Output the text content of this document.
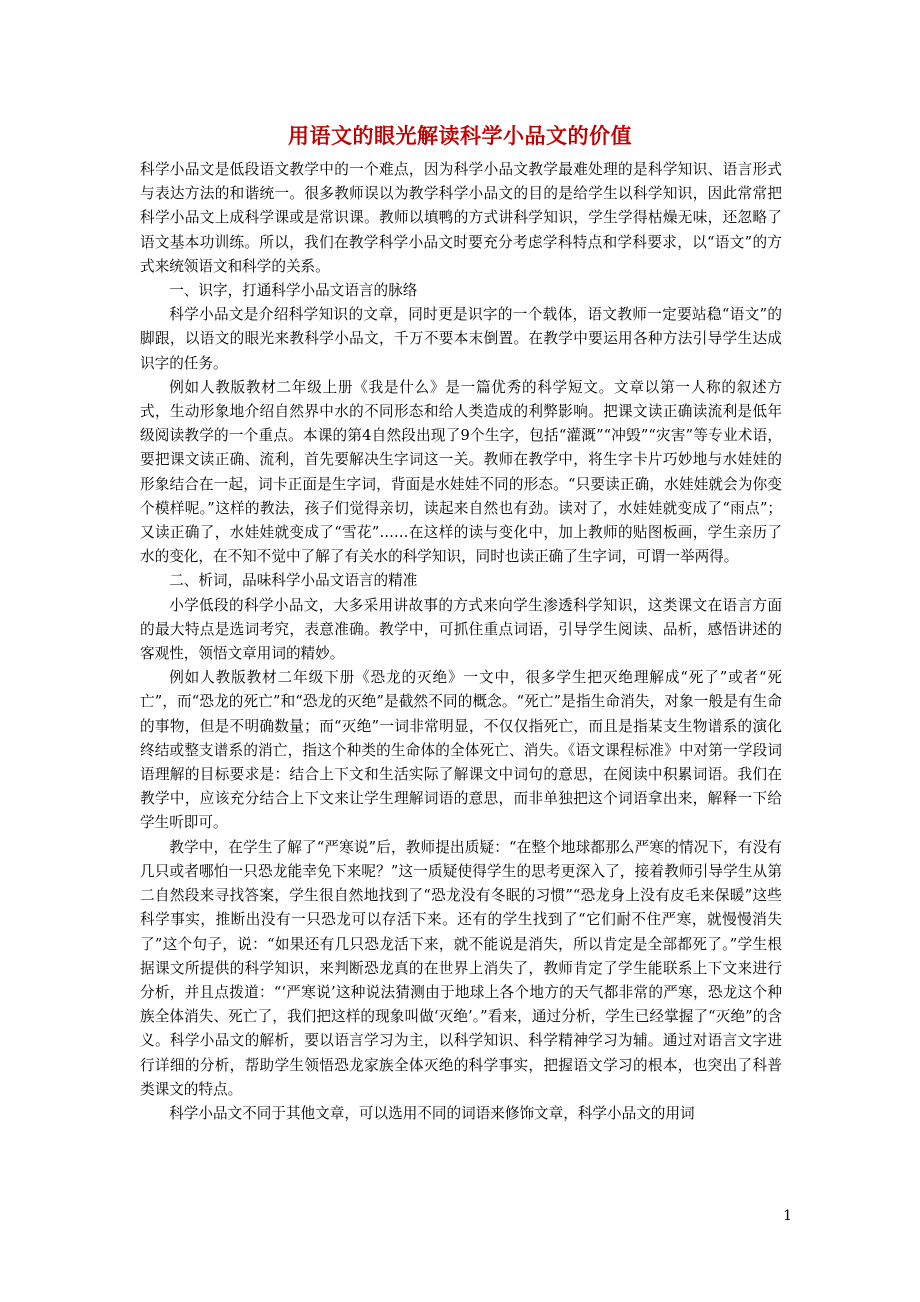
用语文的眼光解读科学小品文的价值

科学小品文是低段语文教学中的一个难点，因为科学小品文教学最难处理的是科学知识、语言形式与表达方法的和谐统一。很多教师误以为教学科学小品文的目的是给学生以科学知识，因此常常把科学小品文上成科学课或是常识课。教师以填鸭的方式讲科学知识，学生学得枯燥无味，还忽略了语文基本功训练。所以，我们在教学科学小品文时要充分考虑学科特点和学科要求，以“语文”的方式来统领语文和科学的关系。

一、识字，打通科学小品文语言的脉络

科学小品文是介绍科学知识的文章，同时更是识字的一个载体，语文教师一定要站稳“语文”的脚跟，以语文的眼光来教科学小品文，千万不要本末倒置。在教学中要运用各种方法引导学生达成识字的任务。

例如人教版教材二年级上册《我是什么》是一篇优秀的科学短文。文章以第一人称的叙述方式，生动形象地介绍自然界中水的不同形态和给人类造成的利弊影响。把课文读正确读流利是低年级阅读教学的一个重点。本课的第4自然段出现了9个生字，包括“灌溉”“冲毁”“灾害”等专业术语，要把课文读正确、流利，首先要解决生字词这一关。教师在教学中，将生字卡片巧妙地与水娃娃的形象结合在一起，词卡正面是生字词，背面是水娃娃不同的形态。“只要读正确，水娃娃就会为你变个模样呢。”这样的教法，孩子们觉得亲切，读起来自然也有劲。读对了，水娃娃就变成了“雨点”；又读正确了，水娃娃就变成了“雪花”……在这样的读与变化中，加上教师的贴图板画，学生亲历了水的变化，在不知不觉中了解了有关水的科学知识，同时也读正确了生字词，可谓一举两得。

二、析词，品味科学小品文语言的精准

小学低段的科学小品文，大多采用讲故事的方式来向学生渗透科学知识，这类课文在语言方面的最大特点是选词考究，表意准确。教学中，可抓住重点词语，引导学生阅读、品析，感悟讲述的客观性，领悟文章用词的精妙。

例如人教版教材二年级下册《恐龙的灭绝》一文中，很多学生把灭绝理解成“死了”或者“死亡”，而“恐龙的死亡”和“恐龙的灭绝”是截然不同的概念。“死亡”是指生命消失，对象一般是有生命的事物，但是不明确数量；而“灭绝”一词非常明显，不仅仅指死亡，而且是指某支生物谱系的演化终结或整支谱系的消亡，指这个种类的生命体的全体死亡、消失。《语文课程标准》中对第一学段词语理解的目标要求是：结合上下文和生活实际了解课文中词句的意思，在阅读中积累词语。我们在教学中，应该充分结合上下文来让学生理解词语的意思，而非单独把这个词语拿出来，解释一下给学生听即可。

教学中，在学生了解了“严寒说”后，教师提出质疑：“在整个地球都那么严寒的情况下，有没有几只或者哪怕一只恐龙能幸免下来呢？”这一质疑使得学生的思考更深入了，接着教师引导学生从第二自然段来寻找答案，学生很自然地找到了“恐龙没有冬眠的习惯”“恐龙身上没有皮毛来保暖”这些科学事实，推断出没有一只恐龙可以存活下来。还有的学生找到了“它们耐不住严寒，就慢慢消失了”这个句子，说：“如果还有几只恐龙活下来，就不能说是消失，所以肯定是全部都死了。”学生根据课文所提供的科学知识，来判断恐龙真的在世界上消失了，教师肯定了学生能联系上下文来进行分析，并且点拨道：“‘严寒说’这种说法猜测由于地球上各个地方的天气都非常的严寒，恐龙这个种族全体消失、死亡了，我们把这样的现象叫做‘灭绝’。”看来，通过分析，学生已经掌握了“灭绝”的含义。科学小品文的解析，要以语言学习为主，以科学知识、科学精神学习为辅。通过对语言文字进行详细的分析，帮助学生领悟恐龙家族全体灭绝的科学事实，把握语文学习的根本，也突出了科普类课文的特点。

科学小品文不同于其他文章，可以选用不同的词语来修饰文章，科学小品文的用词

1
